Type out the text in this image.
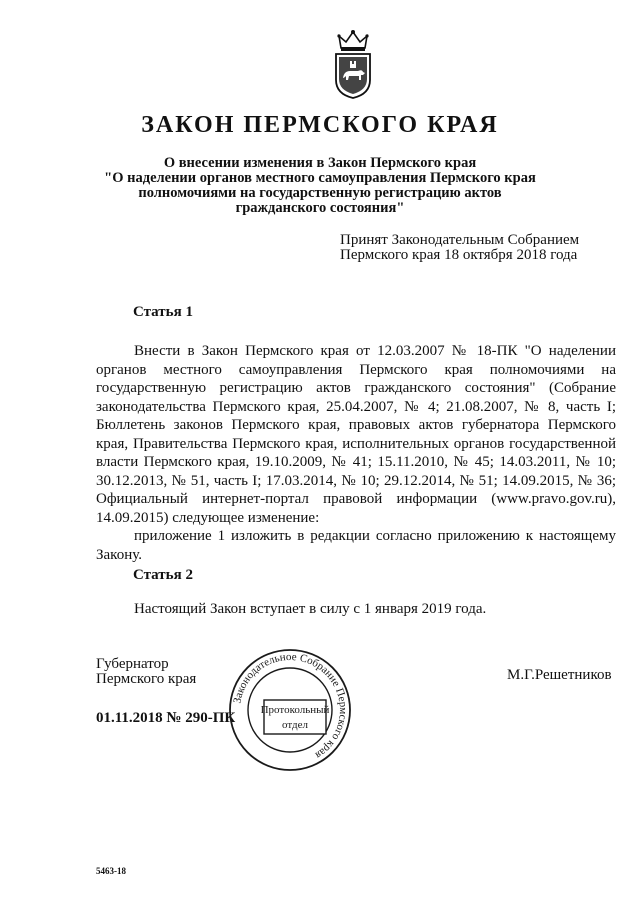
ЗАКОН ПЕРМСКОГО КРАЯ
О внесении изменения в Закон Пермского края
"О наделении органов местного самоуправления Пермского края
полномочиями на государственную регистрацию актов
гражданского состояния"
Принят Законодательным Собранием
Пермского края 18 октября 2018 года
Статья 1

Внести в Закон Пермского края от 12.03.2007 № 18-ПК "О наделении органов местного самоуправления Пермского края полномочиями на государственную регистрацию актов гражданского состояния" (Собрание законодательства Пермского края, 25.04.2007, № 4; 21.08.2007, № 8, часть I; Бюллетень законов Пермского края, правовых актов губернатора Пермского края, Правительства Пермского края, исполнительных органов государственной власти Пермского края, 19.10.2009, № 41; 15.11.2010, № 45; 14.03.2011, № 10; 30.12.2013, № 51, часть I; 17.03.2014, № 10; 29.12.2014, № 51; 14.09.2015, № 36; Официальный интернет-портал правовой информации (www.pravo.gov.ru), 14.09.2015) следующее изменение:

приложение 1 изложить в редакции согласно приложению к настоящему Закону.

Статья 2

Настоящий Закон вступает в силу с 1 января 2019 года.

Губернатор
Пермского края	М.Г.Решетников
01.11.2018 № 290-ПК
Законодательное Собрание Пермского края
Протокольный
отдел
5463-18
